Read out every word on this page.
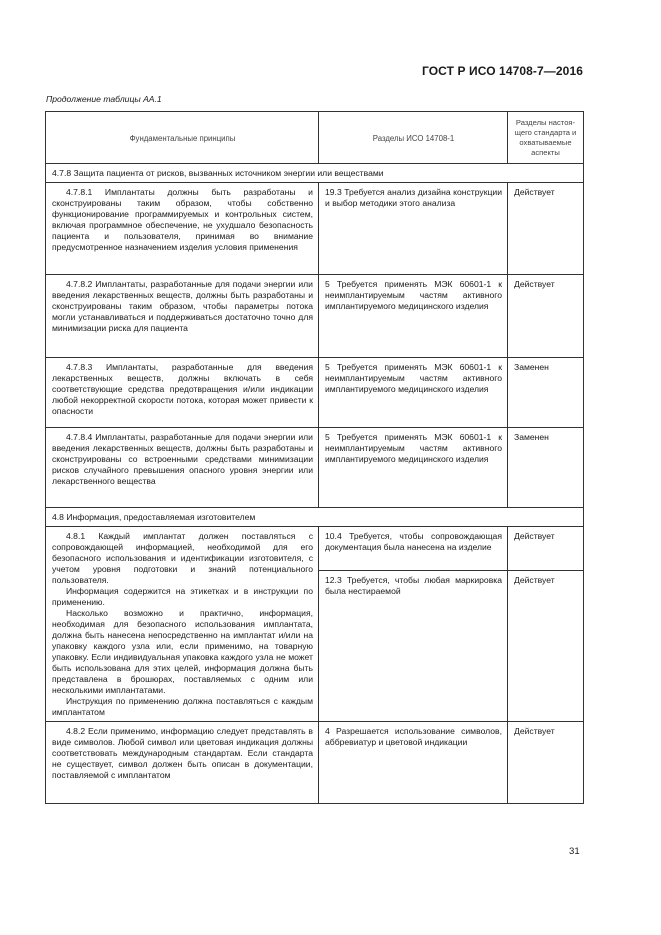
ГОСТ Р ИСО 14708-7—2016
Продолжение таблицы АА.1
Фундаментальные принципы	Разделы ИСО 14708-1	Разделы настоя-щего стандарта и охватываемые аспекты
4.7.8 Защита пациента от рисков, вызванных источником энергии или веществами		
4.7.8.1 Имплантаты должны быть разработаны и сконструированы таким образом, чтобы собственно функционирование программируемых и контрольных систем, включая программное обеспечение, не ухудшало безопасность пациента и пользователя, принимая во внимание предусмотренное назначением изделия условия применения	19.3 Требуется анализ дизайна конструкции и выбор методики этого анализа	Действует
4.7.8.2 Имплантаты, разработанные для подачи энергии или введения лекарственных веществ, должны быть разработаны и сконструированы таким образом, чтобы параметры потока могли устанавливаться и поддерживаться достаточно точно для минимизации риска для пациента	5 Требуется применять МЭК 60601-1 к неимплантируемым частям активного имплантируемого медицинского изделия	Действует
4.7.8.3 Имплантаты, разработанные для введения лекарственных веществ, должны включать в себя соответствующие средства предотвращения и/или индикации любой некорректной скорости потока, которая может привести к опасности	5 Требуется применять МЭК 60601-1 к неимплантируемым частям активного имплантируемого медицинского изделия	Заменен
4.7.8.4 Имплантаты, разработанные для подачи энергии или введения лекарственных веществ, должны быть разработаны и сконструированы со встроенными средствами минимизации рисков случайного превышения опасного уровня энергии или лекарственного вещества	5 Требуется применять МЭК 60601-1 к неимплантируемым частям активного имплантируемого медицинского изделия	Заменен
4.8 Информация, предоставляемая изготовителем		

4.8.1 Каждый имплантат должен поставляться с сопровождающей информацией, необходимой для его безопасного использования и идентификации изготовителя, с учетом уровня подготовки и знаний потенциального пользователя.

Информация содержится на этикетках и в инструкции по применению.

Насколько возможно и практично, информация, необходимая для безопасного использования имплантата, должна быть нанесена непосредственно на имплантат и/или на упаковку каждого узла или, если применимо, на товарную упаковку. Если индивидуальная упаковка каждого узла не может быть использована для этих целей, информация должна быть представлена в брошюрах, поставляемых с одним или несколькими имплантатами.

Инструкция по применению должна поставляться с каждым имплантатом	10.4 Требуется, чтобы сопровождающая документация была нанесена на изделие	Действует
	12.3 Требуется, чтобы любая маркировка была нестираемой	Действует
4.8.2 Если применимо, информацию следует представлять в виде символов. Любой символ или цветовая индикация должны соответствовать международным стандартам. Если стандарта не существует, символ должен быть описан в документации, поставляемой с имплантатом	4 Разрешается использование символов, аббревиатур и цветовой индикации	Действует
31
